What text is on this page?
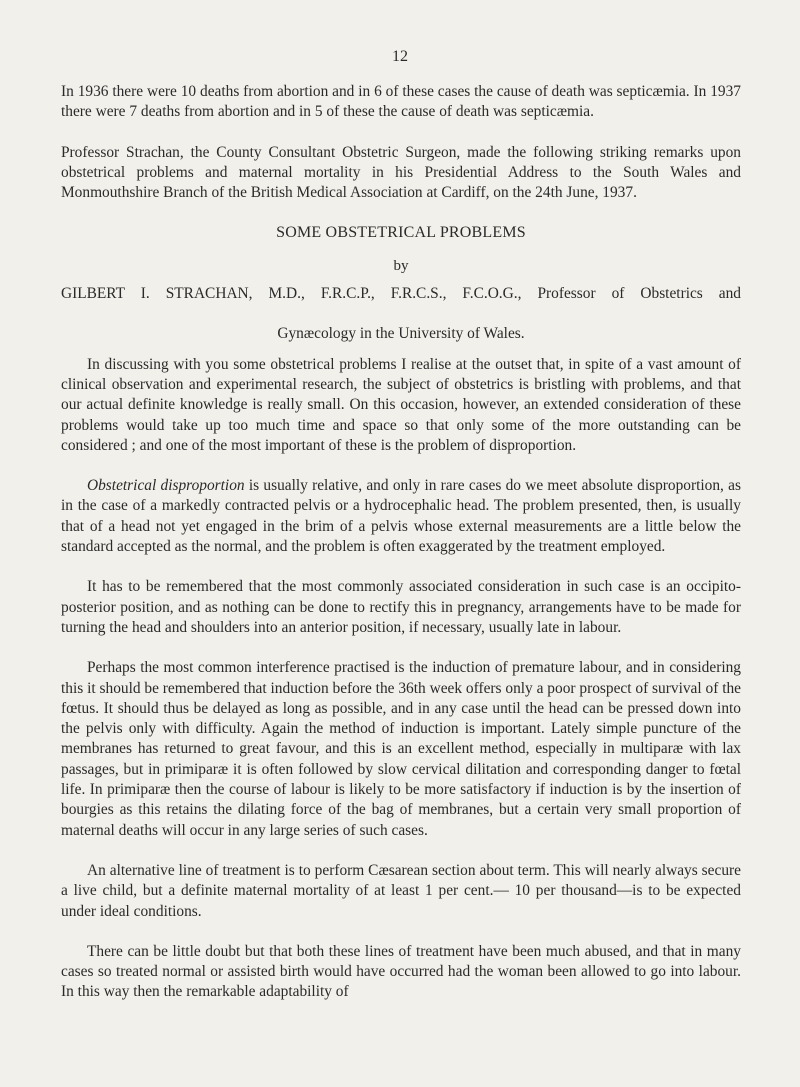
12

In 1936 there were 10 deaths from abortion and in 6 of these cases the cause of death was septicæmia. In 1937 there were 7 deaths from abortion and in 5 of these the cause of death was septicæmia.

Professor Strachan, the County Consultant Obstetric Surgeon, made the following striking remarks upon obstetrical problems and maternal mortality in his Presidential Address to the South Wales and Monmouthshire Branch of the British Medical Association at Cardiff, on the 24th June, 1937.

SOME OBSTETRICAL PROBLEMS
by
GILBERT I. STRACHAN, M.D., F.R.C.P., F.R.C.S., F.C.O.G., Professor of Obstetrics and
Gynæcology in the University of Wales.

In discussing with you some obstetrical problems I realise at the outset that, in spite of a vast amount of clinical observation and experimental research, the subject of obstetrics is bristling with problems, and that our actual definite knowledge is really small. On this occasion, however, an extended consideration of these problems would take up too much time and space so that only some of the more outstanding can be considered ; and one of the most important of these is the problem of disproportion.

Obstetrical disproportion is usually relative, and only in rare cases do we meet absolute disproportion, as in the case of a markedly contracted pelvis or a hydrocephalic head. The problem presented, then, is usually that of a head not yet engaged in the brim of a pelvis whose external measurements are a little below the standard accepted as the normal, and the problem is often exaggerated by the treatment employed.

It has to be remembered that the most commonly associated consideration in such case is an occipito-posterior position, and as nothing can be done to rectify this in pregnancy, arrangements have to be made for turning the head and shoulders into an anterior position, if necessary, usually late in labour.

Perhaps the most common interference practised is the induction of premature labour, and in considering this it should be remembered that induction before the 36th week offers only a poor prospect of survival of the fœtus. It should thus be delayed as long as possible, and in any case until the head can be pressed down into the pelvis only with difficulty. Again the method of induction is important. Lately simple puncture of the membranes has returned to great favour, and this is an excellent method, especially in multiparæ with lax passages, but in primiparæ it is often followed by slow cervical dilitation and corresponding danger to fœtal life. In primiparæ then the course of labour is likely to be more satisfactory if induction is by the insertion of bourgies as this retains the dilating force of the bag of membranes, but a certain very small proportion of maternal deaths will occur in any large series of such cases.

An alternative line of treatment is to perform Cæsarean section about term. This will nearly always secure a live child, but a definite maternal mortality of at least 1 per cent.— 10 per thousand—is to be expected under ideal conditions.

There can be little doubt but that both these lines of treatment have been much abused, and that in many cases so treated normal or assisted birth would have occurred had the woman been allowed to go into labour. In this way then the remarkable adaptability of
